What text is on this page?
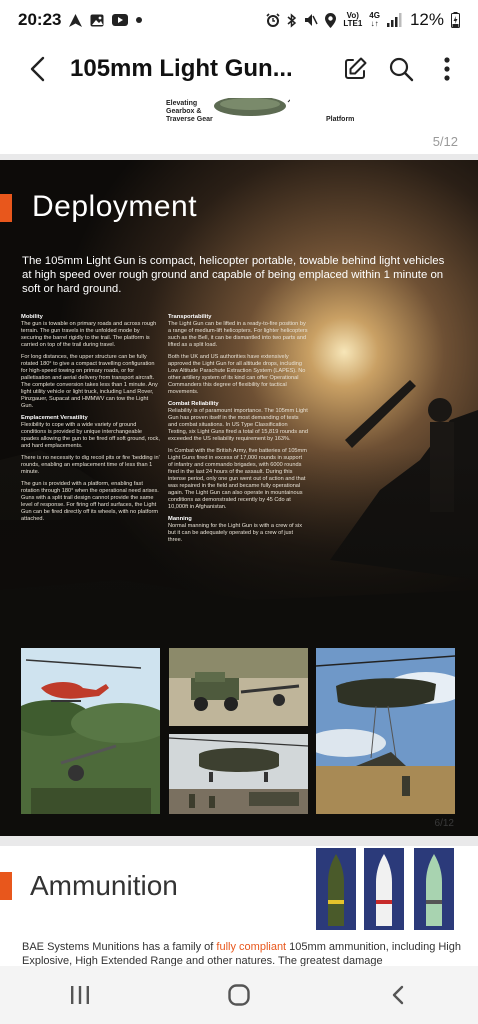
20:23	Vo)
LTE1
4G
↓↑ 12%
105mm Light Gun...
Elevating
Gearbox &
Traverse Gear	Platform
5/12
Deployment
The 105mm Light Gun is compact, helicopter portable, towable behind light vehicles at high speed over rough ground and capable of being emplaced within 1 minute on soft or hard ground.
Mobility

The gun is towable on primary roads and across rough terrain. The gun travels in the unfolded mode by securing the barrel rigidly to the trail. The platform is carried on top of the trail during travel.

For long distances, the upper structure can be fully rotated 180° to give a compact travelling configuration for high-speed towing on primary roads, or for palletisation and aerial delivery from transport aircraft. The complete conversion takes less than 1 minute. Any light utility vehicle or light truck, including Land Rover, Pinzgauer, Supacat and HMMWV can tow the Light Gun.

Emplacement Versatility

Flexibility to cope with a wide variety of ground conditions is provided by unique interchangeable spades allowing the gun to be fired off soft ground, rock, and hard emplacements.

There is no necessity to dig recoil pits or fire 'bedding in' rounds, enabling an emplacement time of less than 1 minute.

The gun is provided with a platform, enabling fast rotation through 180° when the operational need arises. Guns with a split trail design cannot provide the same level of response. For firing off hard surfaces, the Light Gun can be fired directly off its wheels, with no platform attached.

Transportability

The Light Gun can be lifted in a ready-to-fire position by a range of medium-lift helicopters. For lighter helicopters such as the Bell, it can be dismantled into two parts and lifted as a split load.

Both the UK and US authorities have extensively approved the Light Gun for all altitude drops, including Low Altitude Parachute Extraction System (LAPES). No other artillery system of its kind can offer Operational Commanders this degree of flexibility for tactical movements.

Combat Reliability

Reliability is of paramount importance. The 105mm Light Gun has proven itself in the most demanding of tests and combat situations. In US Type Classification Testing, six Light Guns fired a total of 15,819 rounds and exceeded the US reliability requirement by 163%.

In Combat with the British Army, five batteries of 105mm Light Guns fired in excess of 17,000 rounds in support of infantry and commando brigades, with 6000 rounds fired in the last 24 hours of the assault. During this intense period, only one gun went out of action and that was repaired in the field and became fully operational again. The Light Gun can also operate in mountainous conditions as demonstrated recently by 45 Cdo at 10,000ft in Afghanistan.

Manning

Normal manning for the Light Gun is with a crew of six but it can be adequately operated by a crew of just three.

6/12
Ammunition
BAE Systems Munitions has a family of fully compliant 105mm ammunition, including High Explosive, High Extended Range and other natures. The greatest damage
